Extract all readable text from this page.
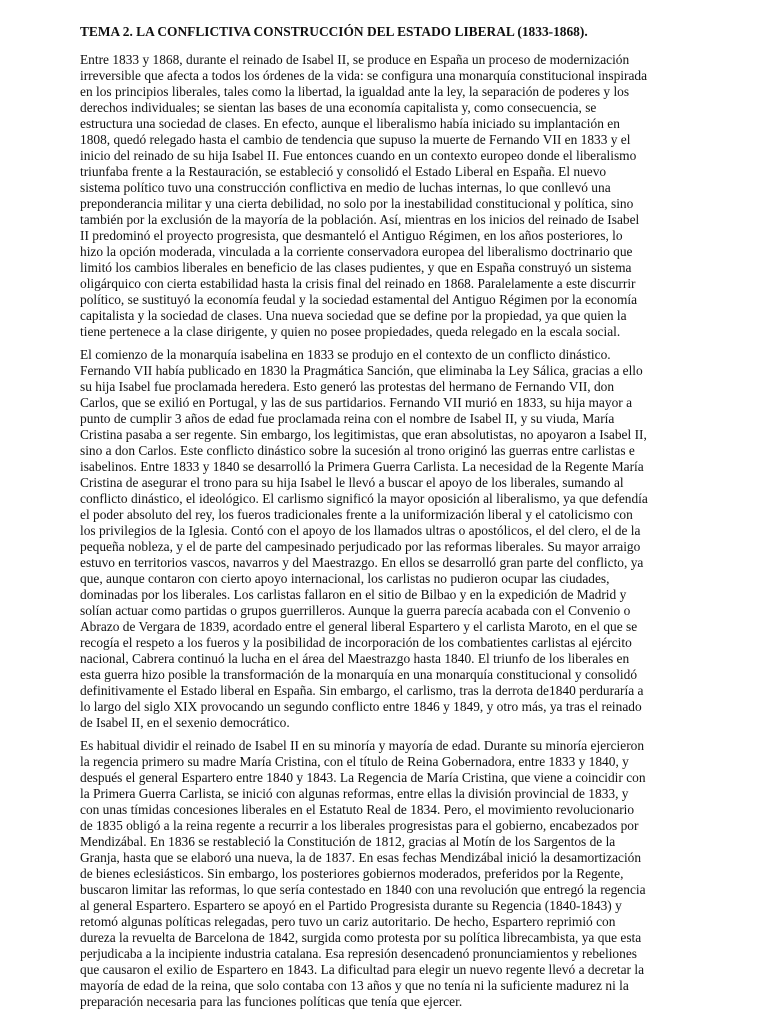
TEMA 2. LA CONFLICTIVA CONSTRUCCIÓN DEL ESTADO LIBERAL (1833-1868).
Entre 1833 y 1868, durante el reinado de Isabel II, se produce en España un proceso de modernización
irreversible que afecta a todos los órdenes de la vida: se configura una monarquía constitucional inspirada
en los principios liberales, tales como la libertad, la igualdad ante la ley, la separación de poderes y los
derechos individuales; se sientan las bases de una economía capitalista y, como consecuencia, se
estructura una sociedad de clases. En efecto, aunque el liberalismo había iniciado su implantación en
1808, quedó relegado hasta el cambio de tendencia que supuso la muerte de Fernando VII en 1833 y el
inicio del reinado de su hija Isabel II. Fue entonces cuando en un contexto europeo donde el liberalismo
triunfaba frente a la Restauración, se estableció y consolidó el Estado Liberal en España. El nuevo
sistema político tuvo una construcción conflictiva en medio de luchas internas, lo que conllevó una
preponderancia militar y una cierta debilidad, no solo por la inestabilidad constitucional y política, sino
también por la exclusión de la mayoría de la población. Así, mientras en los inicios del reinado de Isabel
II predominó el proyecto progresista, que desmanteló el Antiguo Régimen, en los años posteriores, lo
hizo la opción moderada, vinculada a la corriente conservadora europea del liberalismo doctrinario que
limitó los cambios liberales en beneficio de las clases pudientes, y que en España construyó un sistema
oligárquico con cierta estabilidad hasta la crisis final del reinado en 1868. Paralelamente a este discurrir
político, se sustituyó la economía feudal y la sociedad estamental del Antiguo Régimen por la economía
capitalista y la sociedad de clases. Una nueva sociedad que se define por la propiedad, ya que quien la
tiene pertenece a la clase dirigente, y quien no posee propiedades, queda relegado en la escala social.
El comienzo de la monarquía isabelina en 1833 se produjo en el contexto de un conflicto dinástico.
Fernando VII había publicado en 1830 la Pragmática Sanción, que eliminaba la Ley Sálica, gracias a ello
su hija Isabel fue proclamada heredera. Esto generó las protestas del hermano de Fernando VII, don
Carlos, que se exilió en Portugal, y las de sus partidarios. Fernando VII murió en 1833, su hija mayor a
punto de cumplir 3 años de edad fue proclamada reina con el nombre de Isabel II, y su viuda, María
Cristina pasaba a ser regente. Sin embargo, los legitimistas, que eran absolutistas, no apoyaron a Isabel II,
sino a don Carlos. Este conflicto dinástico sobre la sucesión al trono originó las guerras entre carlistas e
isabelinos. Entre 1833 y 1840 se desarrolló la Primera Guerra Carlista. La necesidad de la Regente María
Cristina de asegurar el trono para su hija Isabel le llevó a buscar el apoyo de los liberales, sumando al
conflicto dinástico, el ideológico. El carlismo significó la mayor oposición al liberalismo, ya que defendía
el poder absoluto del rey, los fueros tradicionales frente a la uniformización liberal y el catolicismo con
los privilegios de la Iglesia. Contó con el apoyo de los llamados ultras o apostólicos, el del clero, el de la
pequeña nobleza, y el de parte del campesinado perjudicado por las reformas liberales. Su mayor arraigo
estuvo en territorios vascos, navarros y del Maestrazgo. En ellos se desarrolló gran parte del conflicto, ya
que, aunque contaron con cierto apoyo internacional, los carlistas no pudieron ocupar las ciudades,
dominadas por los liberales. Los carlistas fallaron en el sitio de Bilbao y en la expedición de Madrid y
solían actuar como partidas o grupos guerrilleros. Aunque la guerra parecía acabada con el Convenio o
Abrazo de Vergara de 1839, acordado entre el general liberal Espartero y el carlista Maroto, en el que se
recogía el respeto a los fueros y la posibilidad de incorporación de los combatientes carlistas al ejército
nacional, Cabrera continuó la lucha en el área del Maestrazgo hasta 1840. El triunfo de los liberales en
esta guerra hizo posible la transformación de la monarquía en una monarquía constitucional y consolidó
definitivamente el Estado liberal en España. Sin embargo, el carlismo, tras la derrota de1840 perduraría a
lo largo del siglo XIX provocando un segundo conflicto entre 1846 y 1849, y otro más, ya tras el reinado
de Isabel II, en el sexenio democrático.
Es habitual dividir el reinado de Isabel II en su minoría y mayoría de edad. Durante su minoría ejercieron
la regencia primero su madre María Cristina, con el título de Reina Gobernadora, entre 1833 y 1840, y
después el general Espartero entre 1840 y 1843. La Regencia de María Cristina, que viene a coincidir con
la Primera Guerra Carlista, se inició con algunas reformas, entre ellas la división provincial de 1833, y
con unas tímidas concesiones liberales en el Estatuto Real de 1834. Pero, el movimiento revolucionario
de 1835 obligó a la reina regente a recurrir a los liberales progresistas para el gobierno, encabezados por
Mendizábal. En 1836 se restableció la Constitución de 1812, gracias al Motín de los Sargentos de la
Granja, hasta que se elaboró una nueva, la de 1837. En esas fechas Mendizábal inició la desamortización
de bienes eclesiásticos. Sin embargo, los posteriores gobiernos moderados, preferidos por la Regente,
buscaron limitar las reformas, lo que sería contestado en 1840 con una revolución que entregó la regencia
al general Espartero. Espartero se apoyó en el Partido Progresista durante su Regencia (1840-1843) y
retomó algunas políticas relegadas, pero tuvo un cariz autoritario. De hecho, Espartero reprimió con
dureza la revuelta de Barcelona de 1842, surgida como protesta por su política librecambista, ya que esta
perjudicaba a la incipiente industria catalana. Esa represión desencadenó pronunciamientos y rebeliones
que causaron el exilio de Espartero en 1843. La dificultad para elegir un nuevo regente llevó a decretar la
mayoría de edad de la reina, que solo contaba con 13 años y que no tenía ni la suficiente madurez ni la
preparación necesaria para las funciones políticas que tenía que ejercer.
